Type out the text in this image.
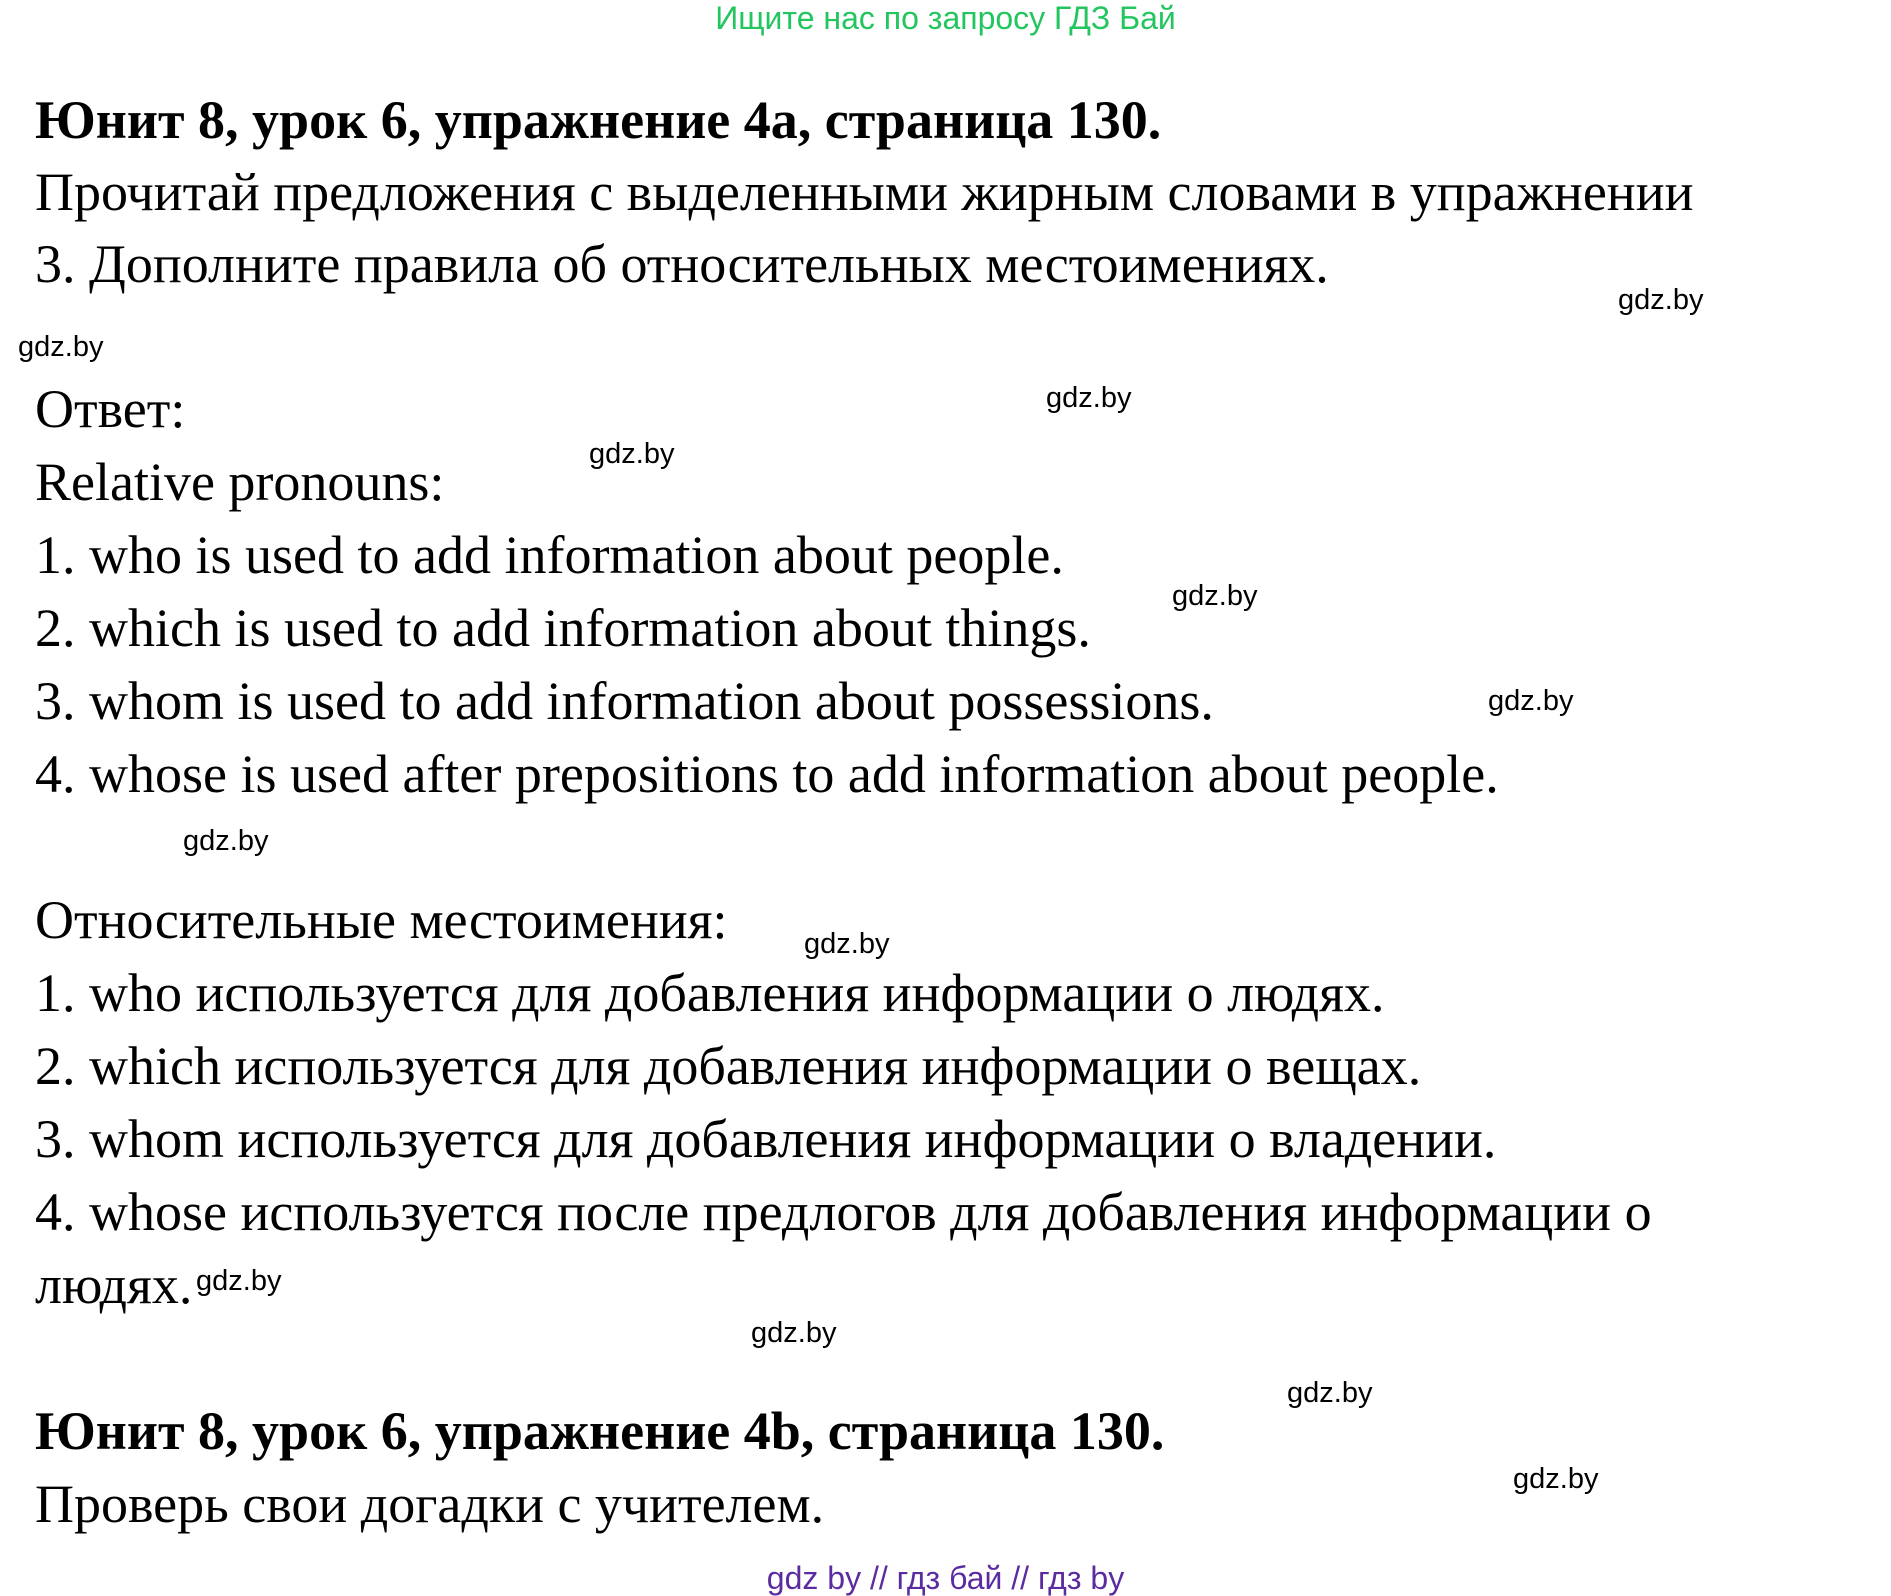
Ищите нас по запросу ГДЗ Бай
Юнит 8, урок 6, упражнение 4а, страница 130.
Прочитай предложения с выделенными жирным словами в упражнении
3. Дополните правила об относительных местоимениях.
Ответ:
Relative pronouns:
1. who is used to add information about people.
2. which is used to add information about things.
3. whom is used to add information about possessions.
4. whose is used after prepositions to add information about people.
Относительные местоимения:
1. who используется для добавления информации о людях.
2. which используется для добавления информации о вещах.
3. whom используется для добавления информации о владении.
4. whose используется после предлогов для добавления информации о
людях.
Юнит 8, урок 6, упражнение 4b, страница 130.
Проверь свои догадки с учителем.
gdz.by
gdz.by
gdz.by
gdz.by
gdz.by
gdz.by
gdz.by
gdz.by
gdz.by
gdz.by
gdz.by
gdz.by
gdz by // гдз бай // гдз by
